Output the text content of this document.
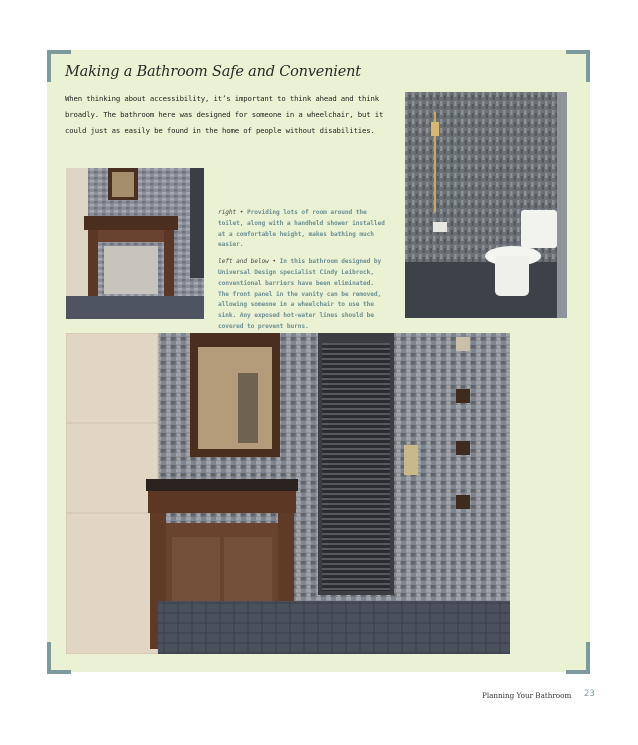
Making a Bathroom Safe and Convenient
When thinking about accessibility, it’s important to think ahead and think broadly. The bathroom here was designed for someone in a wheelchair, but it could just as easily be found in the home of people without disabilities.

right • Providing lots of room around the toilet, along with a handheld shower installed at a comfortable height, makes bathing much easier.

left and below • In this bathroom designed by Universal Design specialist Cindy Leibrock, conventional barriers have been eliminated. The front panel in the vanity can be removed, allowing someone in a wheelchair to use the sink. Any exposed hot-water lines should be covered to prevent burns.

Planning Your Bathroom 23
